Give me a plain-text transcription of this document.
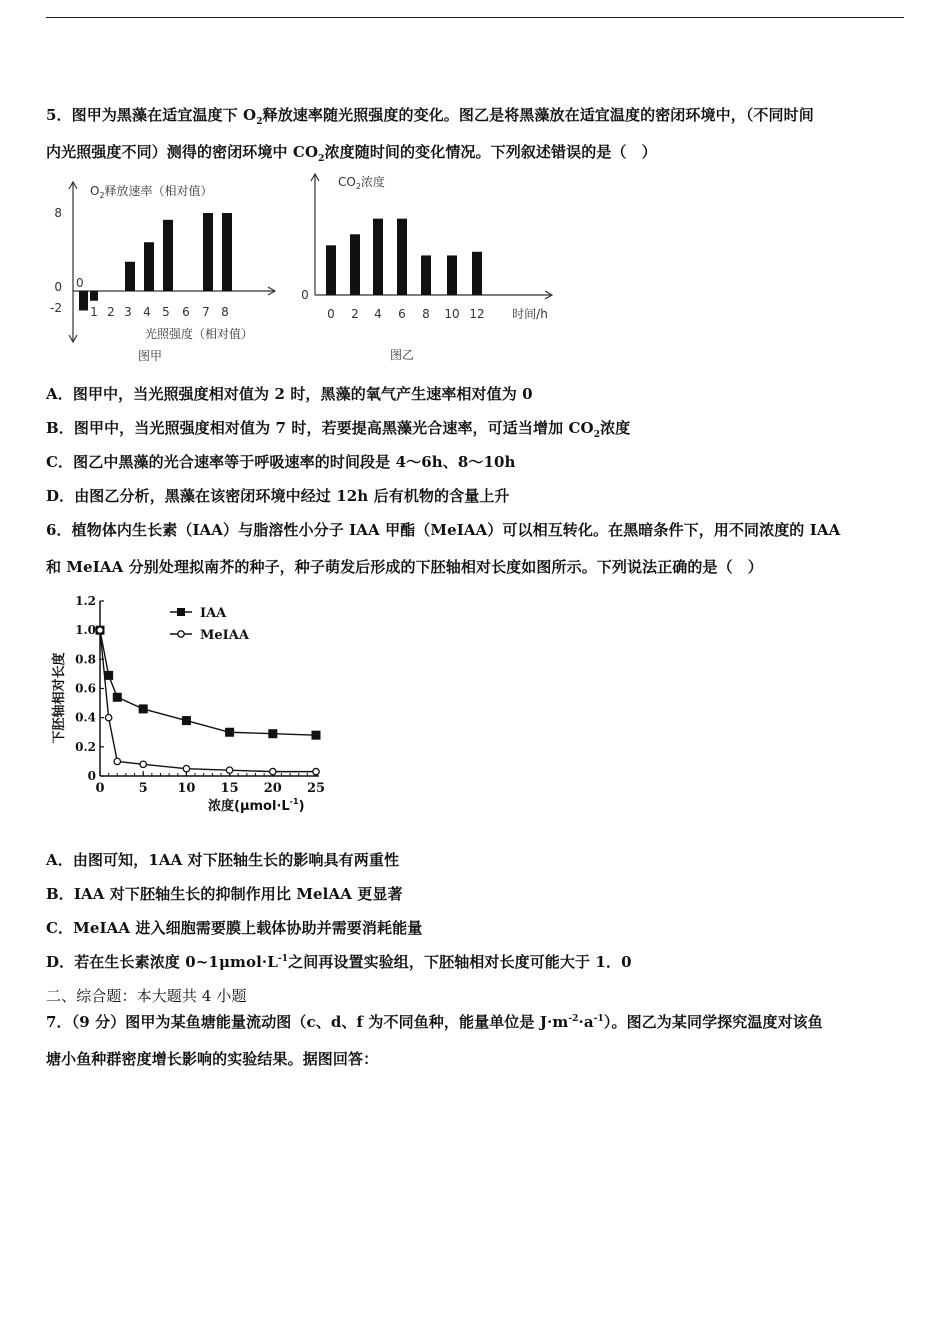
5．图甲为黑藻在适宜温度下 $O_2$释放速率随光照强度的变化。图乙是将黑藻放在适宜温度的密闭环境中，（不同时间
内光照强度不同）测得的密闭环境中 $CO_2$浓度随时间的变化情况。下列叙述错误的是（　）
$O_2$释放速率（相对值）
8
0
-2
0
1 2 3 4 5 6 7 8
光照强度（相对值）
图甲
$CO_2$浓度
0
0 2 4 6 8 10 12 时间/h
图乙
A．图甲中，当光照强度相对值为 2 时，黑藻的氧气产生速率相对值为 0
B．图甲中，当光照强度相对值为 7 时，若要提高黑藻光合速率，可适当增加 $CO_2$浓度
C．图乙中黑藻的光合速率等于呼吸速率的时间段是 4～6h、8～10h
D．由图乙分析，黑藻在该密闭环境中经过 12h 后有机物的含量上升
6．植物体内生长素（IAA）与脂溶性小分子 IAA 甲酯（MeIAA）可以相互转化。在黑暗条件下，用不同浓度的 IAA
和 MeIAA 分别处理拟南芥的种子，种子萌发后形成的下胚轴相对长度如图所示。下列说法正确的是（　）
0
0.2
0.4
0.6
0.8
1.0
1.2
0	5 10 15 20 25
浓度$(\mu mol\cdot L^{-1})$
下胚轴相对长度
IAA
MeIAA
A．由图可知，1AA 对下胚轴生长的影响具有两重性
B．IAA 对下胚轴生长的抑制作用比 MelAA 更显著
C．MeIAA 进入细胞需要膜上载体协助并需要消耗能量
D．若在生长素浓度 $0\sim 1\mu mol\cdot L^{-1}$之间再设置实验组，下胚轴相对长度可能大于 1．0
二、综合题：本大题共 4 小题
7．（9 分）图甲为某鱼塘能量流动图（c、d、f 为不同鱼种，能量单位是 $J\cdot m^{-2}\cdot a^{-1}$）。图乙为某同学探究温度对该鱼
塘小鱼种群密度增长影响的实验结果。据图回答：
